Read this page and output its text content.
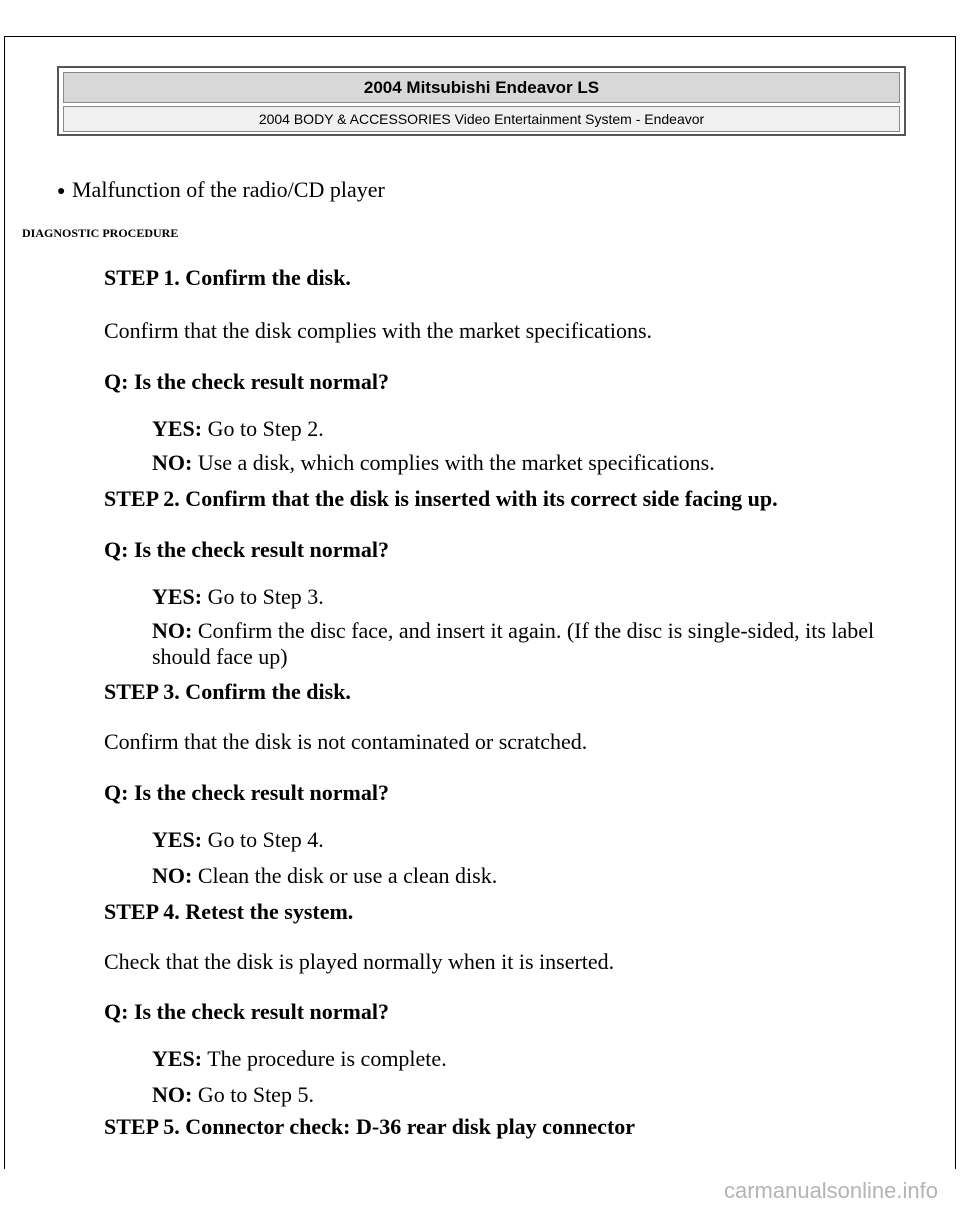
2004 Mitsubishi Endeavor LS
2004 BODY & ACCESSORIES Video Entertainment System - Endeavor
● Malfunction of the radio/CD player
DIAGNOSTIC PROCEDURE
STEP 1. Confirm the disk.
Confirm that the disk complies with the market specifications.
Q: Is the check result normal?
YES: Go to Step 2.
NO: Use a disk, which complies with the market specifications.
STEP 2. Confirm that the disk is inserted with its correct side facing up.
Q: Is the check result normal?
YES: Go to Step 3.
NO: Confirm the disc face, and insert it again. (If the disc is single-sided, its label should face up)
STEP 3. Confirm the disk.
Confirm that the disk is not contaminated or scratched.
Q: Is the check result normal?
YES: Go to Step 4.
NO: Clean the disk or use a clean disk.
STEP 4. Retest the system.
Check that the disk is played normally when it is inserted.
Q: Is the check result normal?
YES: The procedure is complete.
NO: Go to Step 5.
STEP 5. Connector check: D-36 rear disk play connector
carmanualsonline.info
